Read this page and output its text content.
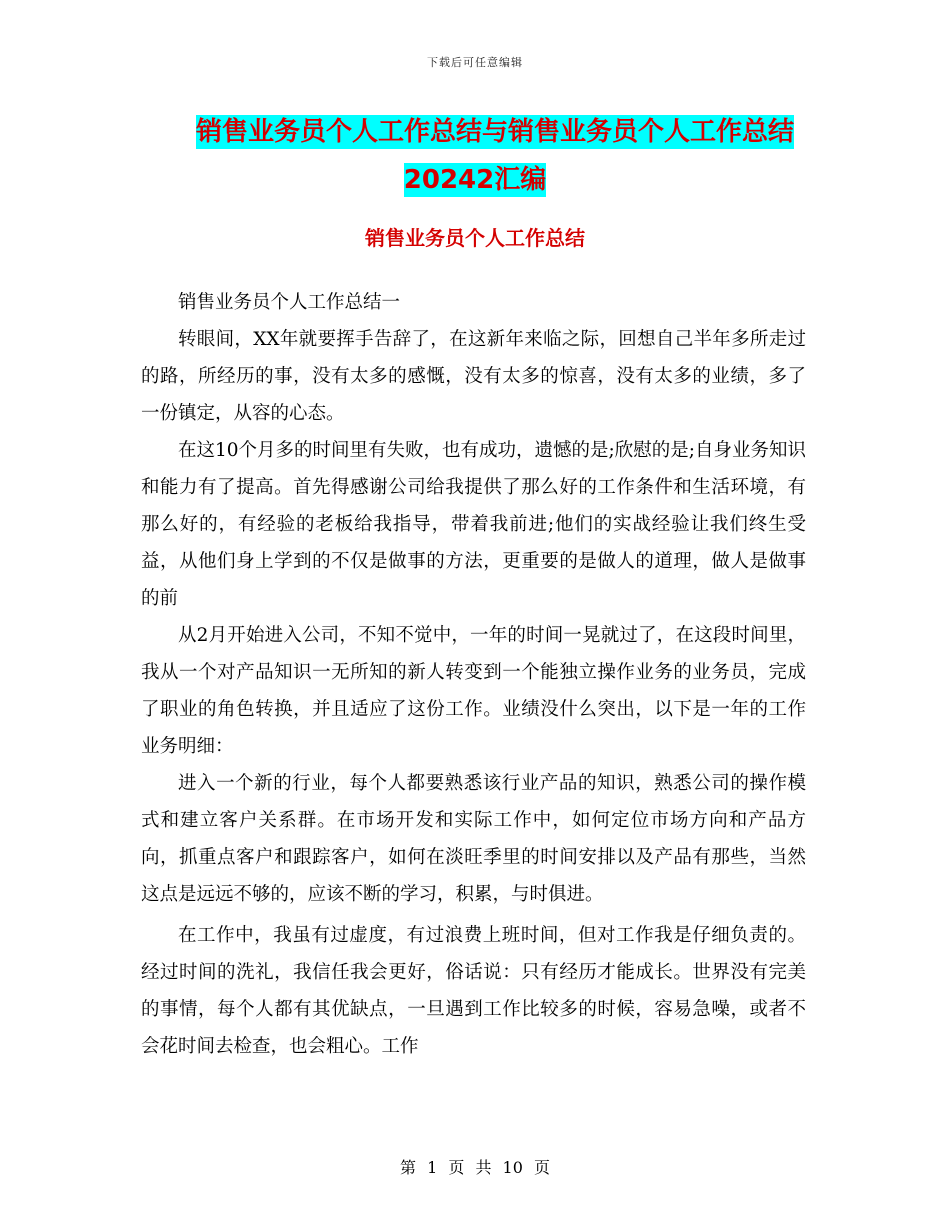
下载后可任意编辑
销售业务员个人工作总结与销售业务员个人工作总结
20242汇编
销售业务员个人工作总结

销售业务员个人工作总结一

转眼间，XX年就要挥手告辞了，在这新年来临之际，回想自己半年多所走过的路，所经历的事，没有太多的感慨，没有太多的惊喜，没有太多的业绩，多了一份镇定，从容的心态。

在这10个月多的时间里有失败，也有成功，遗憾的是;欣慰的是;自身业务知识和能力有了提高。首先得感谢公司给我提供了那么好的工作条件和生活环境，有那么好的，有经验的老板给我指导，带着我前进;他们的实战经验让我们终生受益，从他们身上学到的不仅是做事的方法，更重要的是做人的道理，做人是做事的前

从2月开始进入公司，不知不觉中，一年的时间一晃就过了，在这段时间里，我从一个对产品知识一无所知的新人转变到一个能独立操作业务的业务员，完成了职业的角色转换，并且适应了这份工作。业绩没什么突出，以下是一年的工作业务明细：

进入一个新的行业，每个人都要熟悉该行业产品的知识，熟悉公司的操作模式和建立客户关系群。在市场开发和实际工作中，如何定位市场方向和产品方向，抓重点客户和跟踪客户，如何在淡旺季里的时间安排以及产品有那些，当然这点是远远不够的，应该不断的学习，积累，与时俱进。

在工作中，我虽有过虚度，有过浪费上班时间，但对工作我是仔细负责的。经过时间的洗礼，我信任我会更好，俗话说：只有经历才能成长。世界没有完美的事情，每个人都有其优缺点，一旦遇到工作比较多的时候，容易急噪，或者不会花时间去检查，也会粗心。工作

第 1 页 共 10 页
